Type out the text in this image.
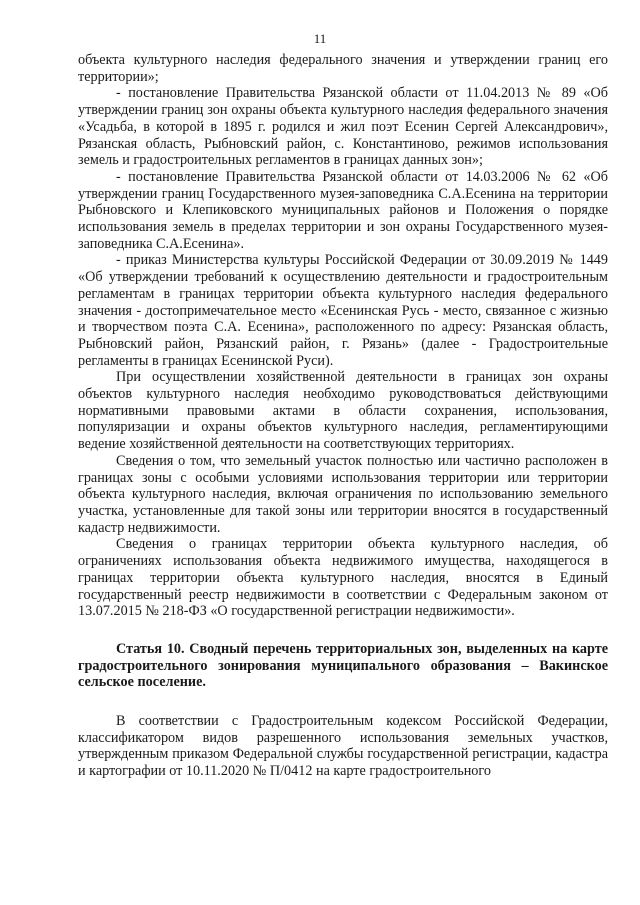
11

объекта культурного наследия федерального значения и утверждении границ его территории»;

- постановление Правительства Рязанской области от 11.04.2013 № 89 «Об утверждении границ зон охраны объекта культурного наследия федерального значения «Усадьба, в которой в 1895 г. родился и жил поэт Есенин Сергей Александрович», Рязанская область, Рыбновский район, с. Константиново, режимов использования земель и градостроительных регламентов в границах данных зон»;

- постановление Правительства Рязанской области от 14.03.2006 № 62 «Об утверждении границ Государственного музея-заповедника С.А.Есенина на территории Рыбновского и Клепиковского муниципальных районов и Положения о порядке использования земель в пределах территории и зон охраны Государственного музея-заповедника С.А.Есенина».

- приказ Министерства культуры Российской Федерации от 30.09.2019 № 1449 «Об утверждении требований к осуществлению деятельности и градостроительным регламентам в границах территории объекта культурного наследия федерального значения - достопримечательное место «Есенинская Русь - место, связанное с жизнью и творчеством поэта С.А. Есенина», расположенного по адресу: Рязанская область, Рыбновский район, Рязанский район, г. Рязань» (далее - Градостроительные регламенты в границах Есенинской Руси).

При осуществлении хозяйственной деятельности в границах зон охраны объектов культурного наследия необходимо руководствоваться действующими нормативными правовыми актами в области сохранения, использования, популяризации и охраны объектов культурного наследия, регламентирующими ведение хозяйственной деятельности на соответствующих территориях.

Сведения о том, что земельный участок полностью или частично расположен в границах зоны с особыми условиями использования территории или территории объекта культурного наследия, включая ограничения по использованию земельного участка, установленные для такой зоны или территории вносятся в государственный кадастр недвижимости.

Сведения о границах территории объекта культурного наследия, об ограничениях использования объекта недвижимого имущества, находящегося в границах территории объекта культурного наследия, вносятся в Единый государственный реестр недвижимости в соответствии с Федеральным законом от 13.07.2015 № 218-ФЗ «О государственной регистрации недвижимости».

Статья 10. Сводный перечень территориальных зон, выделенных на карте градостроительного зонирования муниципального образования – Вакинское сельское поселение.

В соответствии с Градостроительным кодексом Российской Федерации, классификатором видов разрешенного использования земельных участков, утвержденным приказом Федеральной службы государственной регистрации, кадастра и картографии от 10.11.2020 № П/0412 на карте градостроительного
